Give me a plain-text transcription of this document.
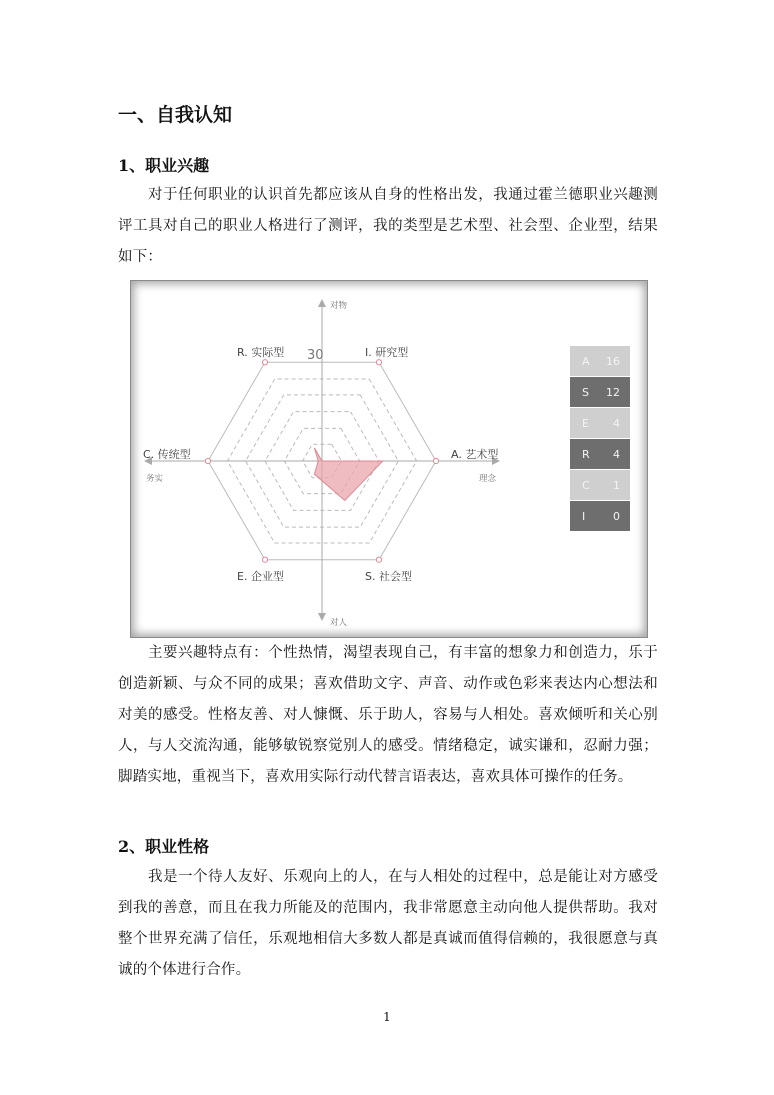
一、自我认知
1、职业兴趣

对于任何职业的认识首先都应该从自身的性格出发，我通过霍兰德职业兴趣测评工具对自己的职业人格进行了测评，我的类型是艺术型、社会型、企业型，结果如下：

30
R. 实际型	I. 研究型
C. 传统型	A. 艺术型
E. 企业型	S. 社会型
对物
对人
务实	理念
A	16
S	12
E	4
R	4
C	1
I	0

主要兴趣特点有：个性热情，渴望表现自己，有丰富的想象力和创造力，乐于创造新颖、与众不同的成果；喜欢借助文字、声音、动作或色彩来表达内心想法和对美的感受。性格友善、对人慷慨、乐于助人，容易与人相处。喜欢倾听和关心别人，与人交流沟通，能够敏锐察觉别人的感受。情绪稳定，诚实谦和，忍耐力强；脚踏实地，重视当下，喜欢用实际行动代替言语表达，喜欢具体可操作的任务。

2、职业性格

我是一个待人友好、乐观向上的人，在与人相处的过程中，总是能让对方感受到我的善意，而且在我力所能及的范围内，我非常愿意主动向他人提供帮助。我对整个世界充满了信任，乐观地相信大多数人都是真诚而值得信赖的，我很愿意与真诚的个体进行合作。

1
